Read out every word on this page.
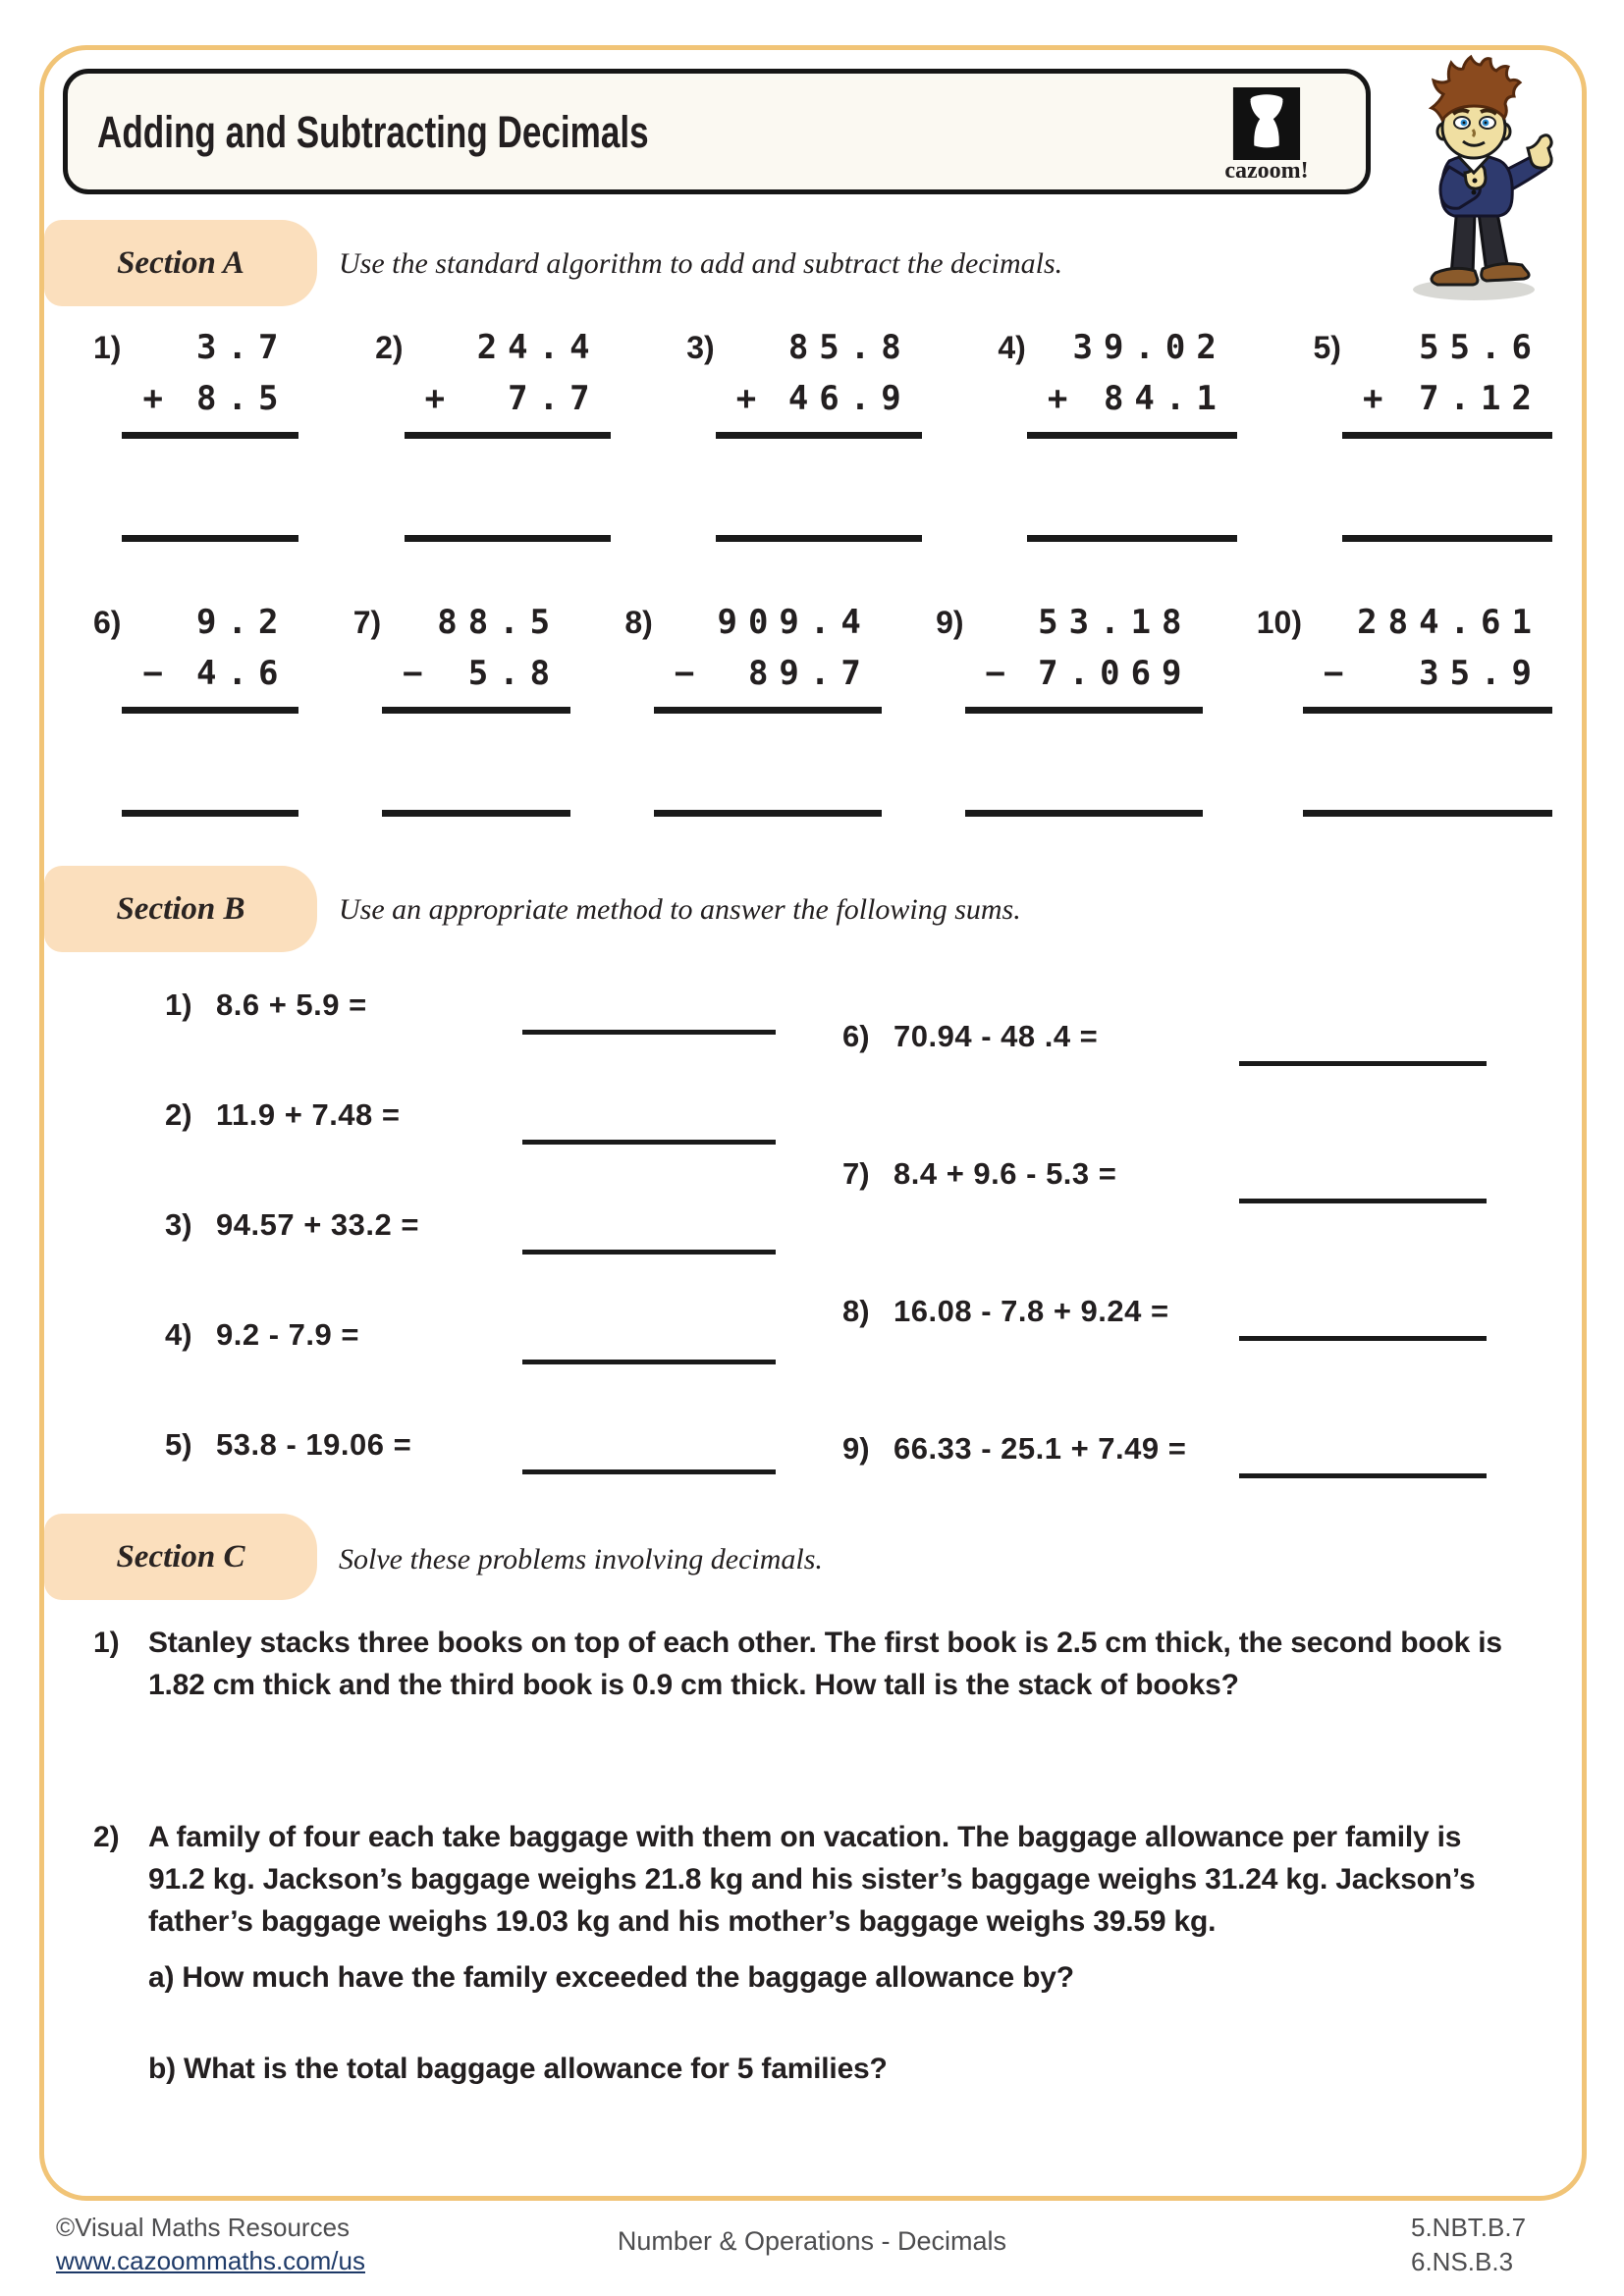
Adding and Subtracting Decimals
cazoom!
Section A	Use the standard algorithm to add and subtract the decimals.
1)	3.7
+ 8.5
2)	24.4
+ 7.7
3)	85.8
+ 46.9
4)	39.02
+ 84.1
5)	55.6
+ 7.12
6)	9.2
− 4.6
7)	88.5
− 5.8
8)	909.4
− 89.7
9)	53.18
− 7.069
10)	284.61
− 35.9
Section B	Use an appropriate method to answer the following sums.
1) 8.6 + 5.9 =
2) 11.9 + 7.48 =
3) 94.57 + 33.2 =
4) 9.2 - 7.9 =
5) 53.8 - 19.06 =
6) 70.94 - 48 .4 =
7) 8.4 + 9.6 - 5.3 =
8) 16.08 - 7.8 + 9.24 =
9) 66.33 - 25.1 + 7.49 =
Section C	Solve these problems involving decimals.
1) Stanley stacks three books on top of each other. The first book is 2.5 cm thick, the second book is 1.82 cm thick and the third book is 0.9 cm thick. How tall is the stack of books?
2) A family of four each take baggage with them on vacation. The baggage allowance per family is 91.2 kg. Jackson’s baggage weighs 21.8 kg and his sister’s baggage weighs 31.24 kg. Jackson’s father’s baggage weighs 19.03 kg and his mother’s baggage weighs 39.59 kg.
a) How much have the family exceeded the baggage allowance by?
b) What is the total baggage allowance for 5 families?
©Visual Maths Resources
www.cazoommaths.com/us
Number & Operations - Decimals	5.NBT.B.7
6.NS.B.3
